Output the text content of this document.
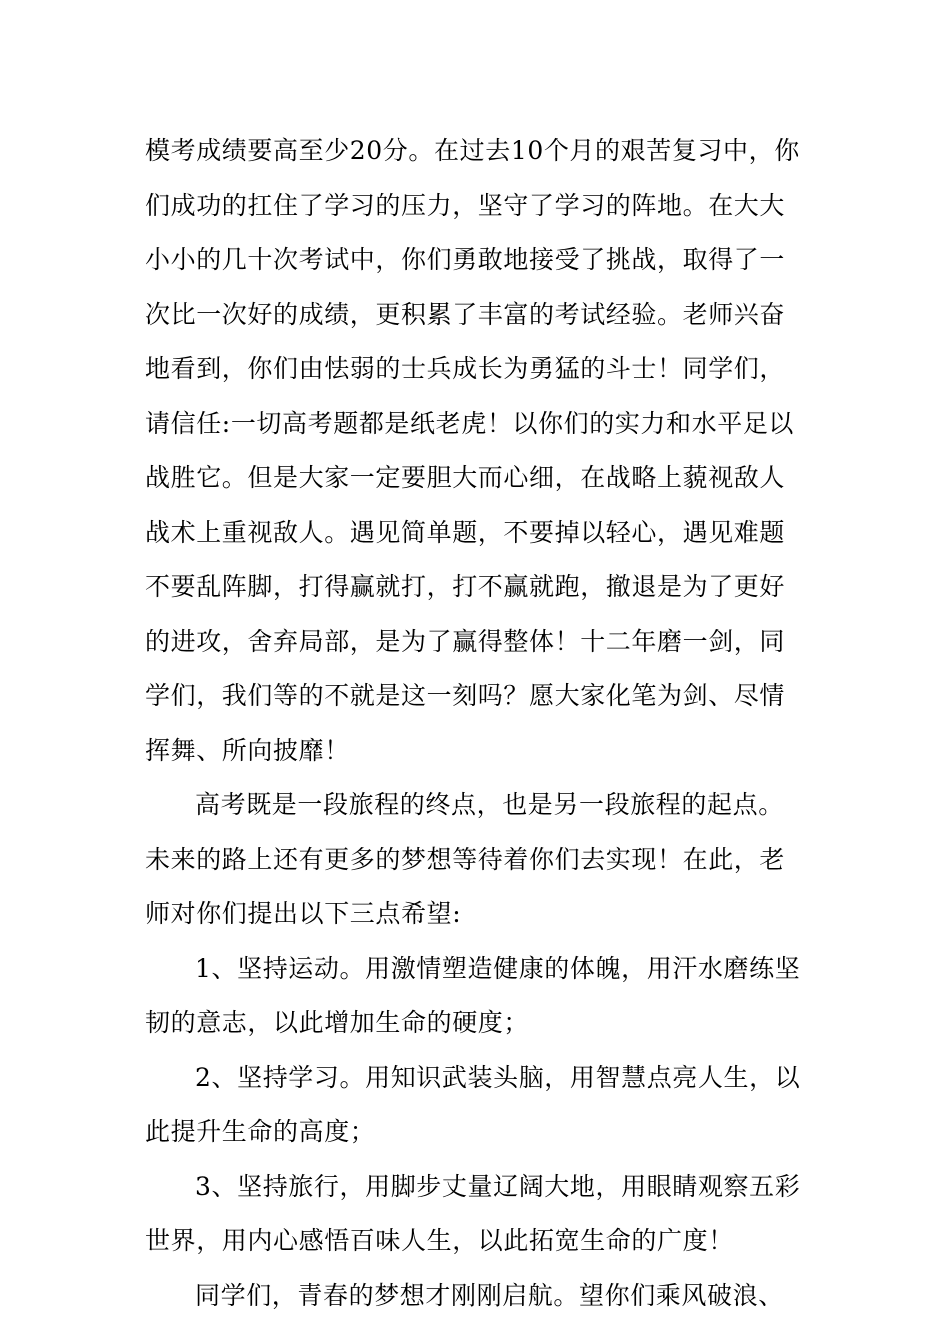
模考成绩要高至少20分。在过去10个月的艰苦复习中，你
们成功的扛住了学习的压力，坚守了学习的阵地。在大大
小小的几十次考试中，你们勇敢地接受了挑战，取得了一
次比一次好的成绩，更积累了丰富的考试经验。老师兴奋
地看到，你们由怯弱的士兵成长为勇猛的斗士！同学们，
请信任:一切高考题都是纸老虎！以你们的实力和水平足以
战胜它。但是大家一定要胆大而心细，在战略上藐视敌人
战术上重视敌人。遇见简单题，不要掉以轻心，遇见难题
不要乱阵脚，打得赢就打，打不赢就跑，撤退是为了更好
的进攻，舍弃局部，是为了赢得整体！十二年磨一剑，同
学们，我们等的不就是这一刻吗？愿大家化笔为剑、尽情
挥舞、所向披靡！
高考既是一段旅程的终点，也是另一段旅程的起点。
未来的路上还有更多的梦想等待着你们去实现！在此，老
师对你们提出以下三点希望:
1、坚持运动。用激情塑造健康的体魄，用汗水磨练坚
韧的意志，以此增加生命的硬度；
2、坚持学习。用知识武装头脑，用智慧点亮人生，以
此提升生命的高度；
3、坚持旅行，用脚步丈量辽阔大地，用眼睛观察五彩
世界，用内心感悟百味人生，以此拓宽生命的广度！
同学们，青春的梦想才刚刚启航。望你们乘风破浪、
